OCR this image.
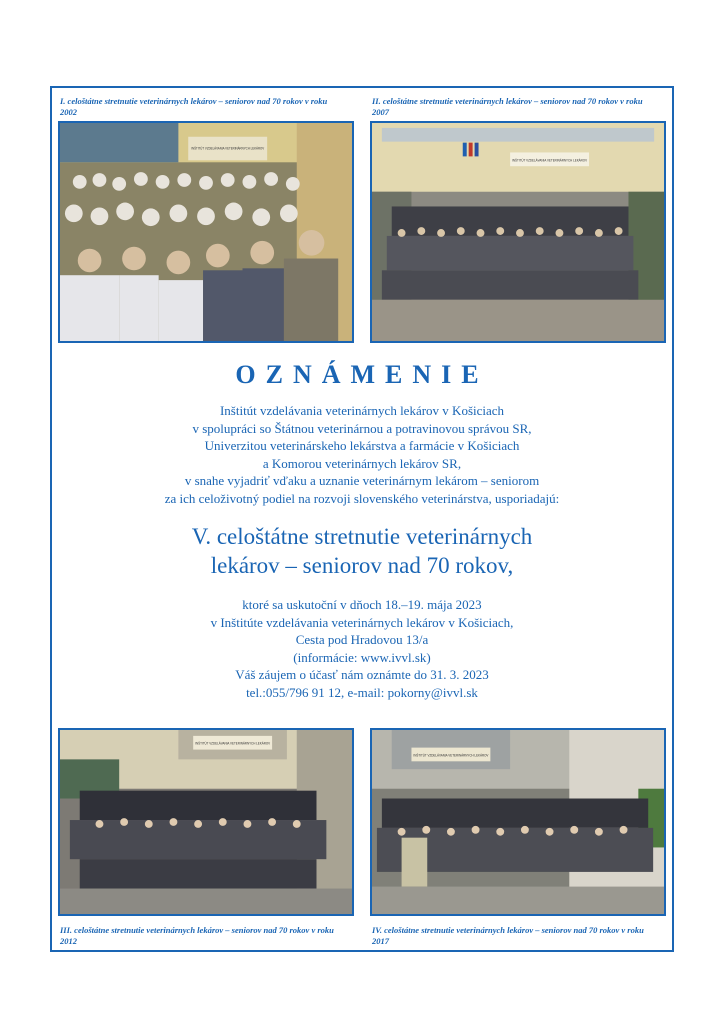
I. celoštátne stretnutie veterinárnych lekárov – seniorov nad 70 rokov v roku 2002
II. celoštátne stretnutie veterinárnych lekárov – seniorov nad 70 rokov v roku 2007
INŠTITÚT VZDELÁVANIA VETERINÁRNYCH LEKÁROV
INŠTITÚT VZDELÁVANIA VETERINÁRNYCH LEKÁROV
OZNÁMENIE
Inštitút vzdelávania veterinárnych lekárov v Košiciach
v spolupráci so Štátnou veterinárnou a potravinovou správou SR,
Univerzitou veterinárskeho lekárstva a farmácie v Košiciach
a Komorou veterinárnych lekárov SR,
v snahe vyjadriť vďaku a uznanie veterinárnym lekárom – seniorom
za ich celoživotný podiel na rozvoji slovenského veterinárstva, usporiadajú:
V. celoštátne stretnutie veterinárnych
lekárov – seniorov nad 70 rokov,
ktoré sa uskutoční v dňoch 18.–19. mája 2023
v Inštitúte vzdelávania veterinárnych lekárov v Košiciach,
Cesta pod Hradovou 13/a
(informácie: www.ivvl.sk)
Váš záujem o účasť nám oznámte do 31. 3. 2023
tel.:055/796 91 12, e-mail: pokorny@ivvl.sk
INŠTITÚT VZDELÁVANIA VETERINÁRNYCH LEKÁROV
INŠTITÚT VZDELÁVANIA VETERINÁRNYCH LEKÁROV
III. celoštátne stretnutie veterinárnych lekárov – seniorov nad 70 rokov v roku 2012
IV. celoštátne stretnutie veterinárnych lekárov – seniorov nad 70 rokov v roku 2017
